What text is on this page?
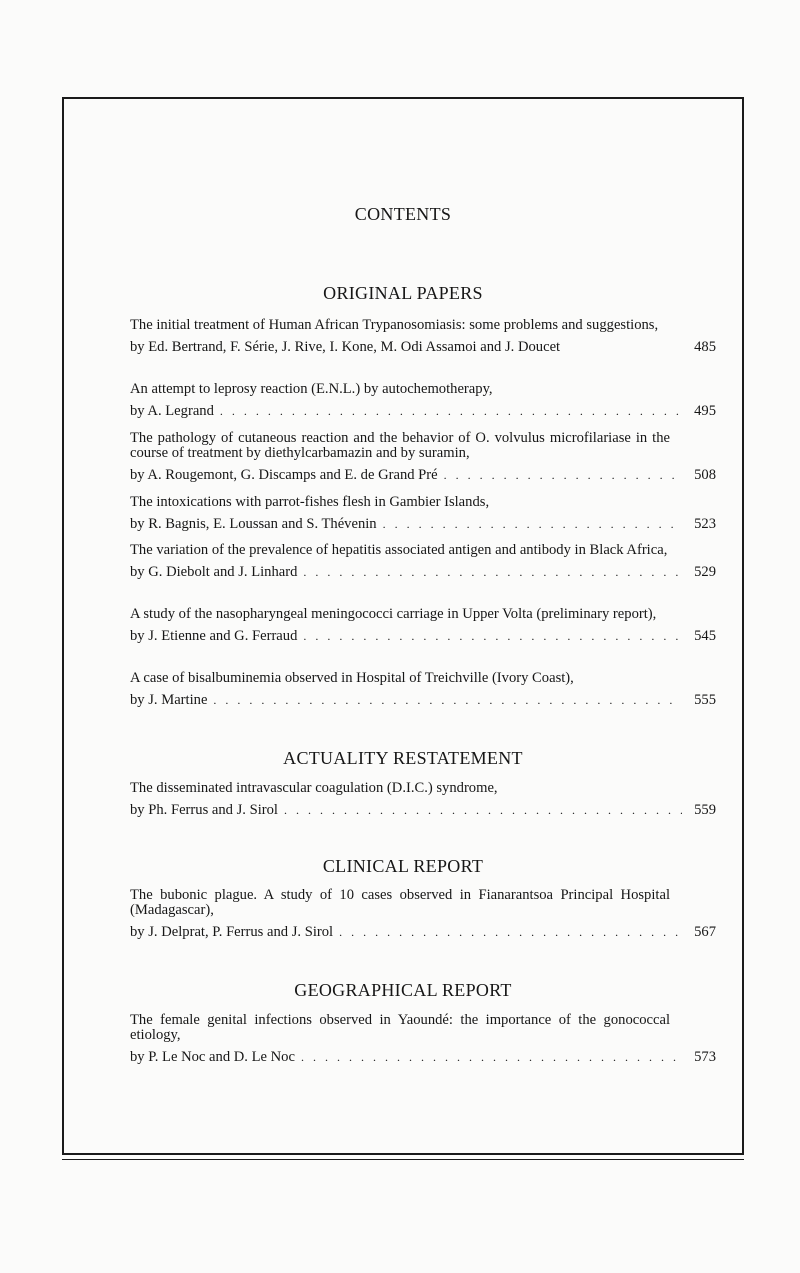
CONTENTS
ORIGINAL PAPERS
The initial treatment of Human African Trypanosomiasis: some problems and suggestions,
by Ed. Bertrand, F. Série, J. Rive, I. Kone, M. Odi Assamoi and J. Doucet	485
An attempt to leprosy reaction (E.N.L.) by autochemotherapy,
by A. Legrand . . .	495
The pathology of cutaneous reaction and the behavior of O. volvulus microfilariase in the course of treatment by diethylcarbamazin and by suramin,
by A. Rougemont, G. Discamps and E. de Grand Pré . . .	508
The intoxications with parrot-fishes flesh in Gambier Islands,
by R. Bagnis, E. Loussan and S. Thévenin . . .	523
The variation of the prevalence of hepatitis associated antigen and antibody in Black Africa,
by G. Diebolt and J. Linhard . . .	529
A study of the nasopharyngeal meningococci carriage in Upper Volta (preliminary report),
by J. Etienne and G. Ferraud . . .	545
A case of bisalbuminemia observed in Hospital of Treichville (Ivory Coast),
by J. Martine . . .	555
ACTUALITY RESTATEMENT
The disseminated intravascular coagulation (D.I.C.) syndrome,
by Ph. Ferrus and J. Sirol . . .	559
CLINICAL REPORT
The bubonic plague. A study of 10 cases observed in Fianarantsoa Principal Hospital (Madagascar),
by J. Delprat, P. Ferrus and J. Sirol . . .	567
GEOGRAPHICAL REPORT
The female genital infections observed in Yaoundé: the importance of the gonococcal etiology,
by P. Le Noc and D. Le Noc . . .	573
